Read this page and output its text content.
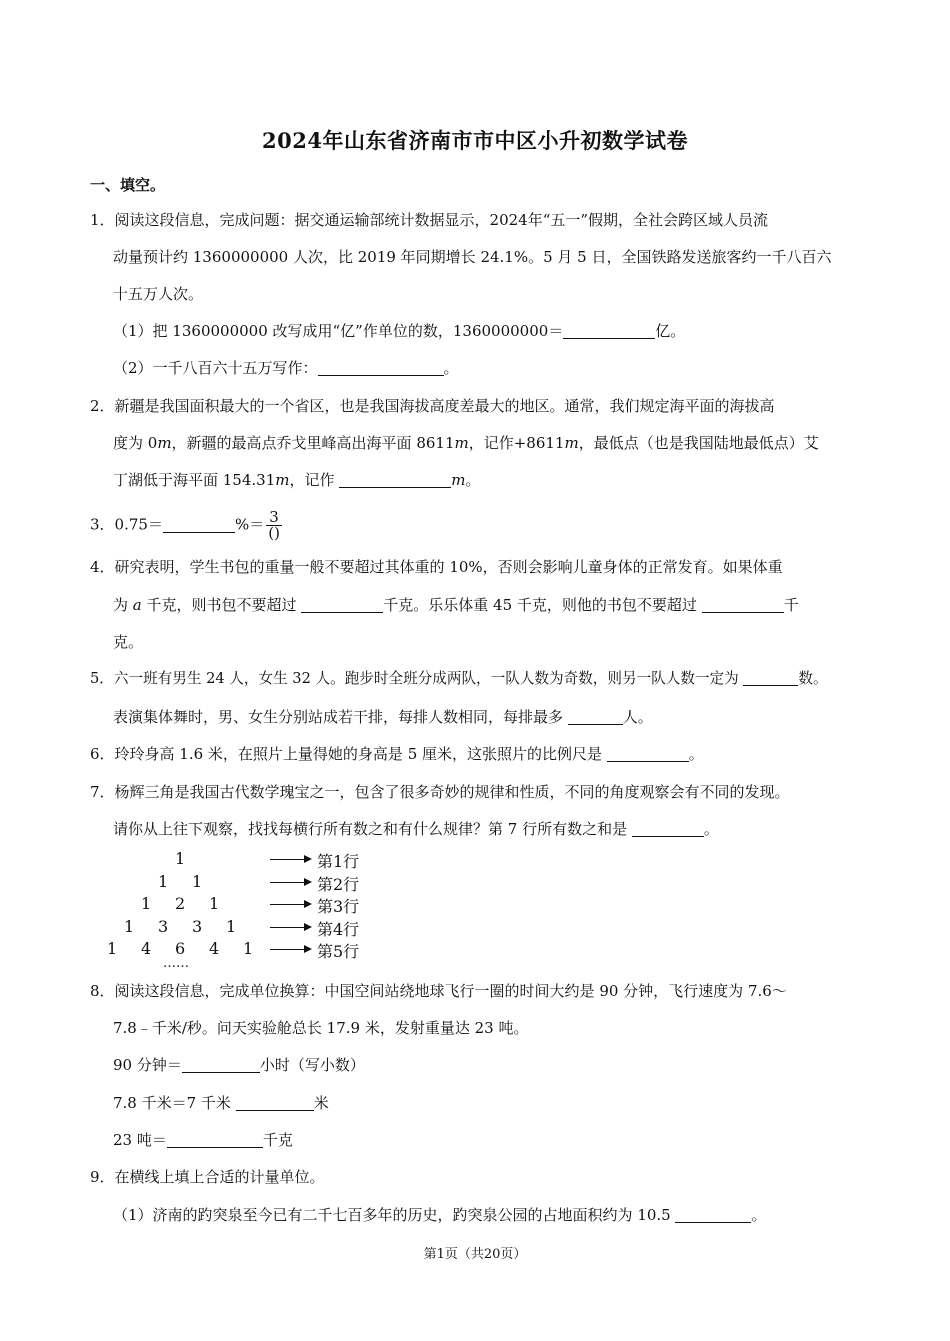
2024年山东省济南市市中区小升初数学试卷
一、填空。
1．阅读这段信息，完成问题：据交通运输部统计数据显示，2024年“五一”假期，全社会跨区域人员流
动量预计约 1360000000 人次，比 2019 年同期增长 24.1%。5 月 5 日，全国铁路发送旅客约一千八百六
十五万人次。
（1）把 1360000000 改写成用“亿”作单位的数，1360000000＝	亿。
（2）一千八百六十五万写作：	。
2．新疆是我国面积最大的一个省区，也是我国海拔高度差最大的地区。通常，我们规定海平面的海拔高
度为 0m，新疆的最高点乔戈里峰高出海平面 8611m，记作+8611m，最低点（也是我国陆地最低点）艾
丁湖低于海平面 154.31m，记作	m。
3．0.75＝	%＝ $\frac{3}{()}$
4．研究表明，学生书包的重量一般不要超过其体重的 10%，否则会影响儿童身体的正常发育。如果体重
为 a 千克，则书包不要超过	千克。乐乐体重 45 千克，则他的书包不要超过	千
克。
5．六一班有男生 24 人，女生 32 人。跑步时全班分成两队，一队人数为奇数，则另一队人数一定为	数。
表演集体舞时，男、女生分别站成若干排，每排人数相同，每排最多	人。
6．玲玲身高 1.6 米，在照片上量得她的身高是 5 厘米，这张照片的比例尺是	。
7．杨辉三角是我国古代数学瑰宝之一，包含了很多奇妙的规律和性质，不同的角度观察会有不同的发现。
请你从上往下观察，找找每横行所有数之和有什么规律？第 7 行所有数之和是	。
1	第1行
1 1	第2行
1 2 1	第3行
1 3 3 1	第4行
1 4 6 4 1	第5行
……
8．阅读这段信息，完成单位换算：中国空间站绕地球飞行一圈的时间大约是 90 分钟，飞行速度为 7.6～
7.8﹣千米/秒。问天实验舱总长 17.9 米，发射重量达 23 吨。
90 分钟＝	小时（写小数）
7.8 千米＝7 千米	米
23 吨＝	千克
9．在横线上填上合适的计量单位。
（1）济南的趵突泉至今已有二千七百多年的历史，趵突泉公园的占地面积约为 10.5	。
第1页（共20页）
